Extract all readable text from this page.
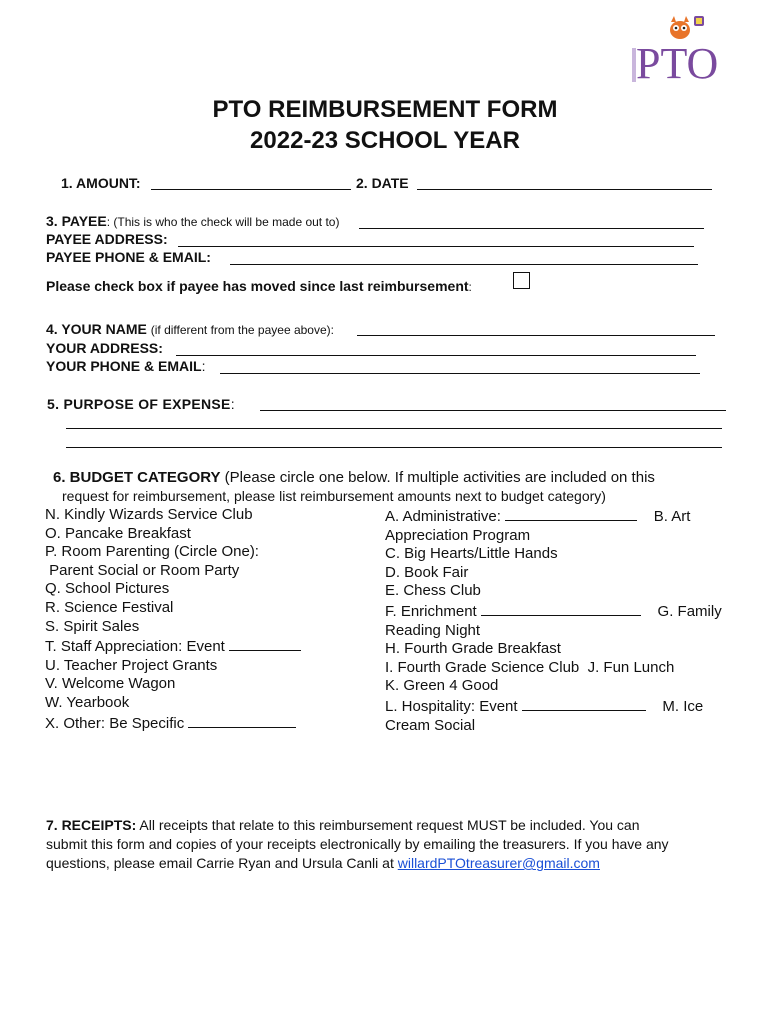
PTO
PTO REIMBURSEMENT FORM
2022-23 SCHOOL YEAR
1. AMOUNT:	2. DATE
3. PAYEE: (This is who the check will be made out to)
PAYEE ADDRESS:
PAYEE PHONE & EMAIL:
Please check box if payee has moved since last reimbursement:
4. YOUR NAME (if different from the payee above):
YOUR ADDRESS:
YOUR PHONE & EMAIL:
5. PURPOSE OF EXPENSE:
6. BUDGET CATEGORY (Please circle one below. If multiple activities are included on this
request for reimbursement, please list reimbursement amounts next to budget category)
N. Kindly Wizards Service Club
O. Pancake Breakfast
P. Room Parenting (Circle One):
Parent Social or Room Party
Q. School Pictures
R. Science Festival
S. Spirit Sales
T. Staff Appreciation: Event
U. Teacher Project Grants
V. Welcome Wagon
W. Yearbook
X. Other: Be Specific
A. Administrative:	B. Art
Appreciation Program
C. Big Hearts/Little Hands
D. Book Fair
E. Chess Club
F. Enrichment	G. Family
Reading Night
H. Fourth Grade Breakfast
I. Fourth Grade Science Club  J. Fun Lunch
K. Green 4 Good
L. Hospitality: Event	M. Ice
Cream Social
7. RECEIPTS: All receipts that relate to this reimbursement request MUST be included. You can
submit this form and copies of your receipts electronically by emailing the treasurers. If you have any
questions, please email Carrie Ryan and Ursula Canli at willardPTOtreasurer@gmail.com
